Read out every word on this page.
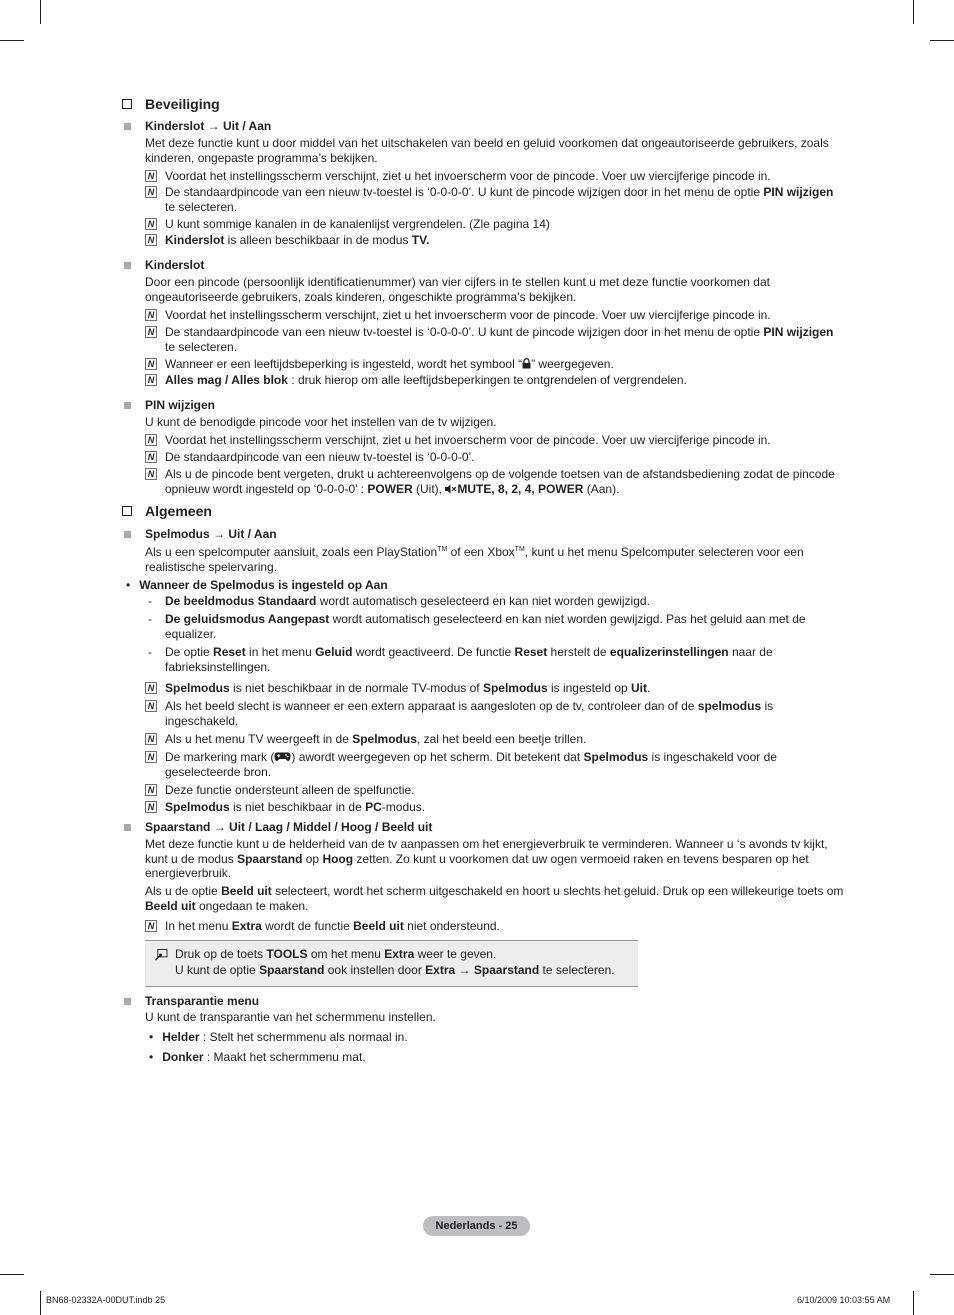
Beveiliging
Kinderslot → Uit / Aan
Met deze functie kunt u door middel van het uitschakelen van beeld en geluid voorkomen dat ongeautoriseerde gebruikers, zoals
kinderen, ongepaste programma’s bekijken.
N Voordat het instellingsscherm verschijnt, ziet u het invoerscherm voor de pincode. Voer uw viercijferige pincode in.
N De standaardpincode van een nieuw tv-toestel is ‘0-0-0-0’. U kunt de pincode wijzigen door in het menu de optie PIN wijzigen
te selecteren.
N U kunt sommige kanalen in de kanalenlijst vergrendelen. (Zle pagina 14)
N Kinderslot is alleen beschikbaar in de modus TV.
Kinderslot
Door een pincode (persoonlijk identificatienummer) van vier cijfers in te stellen kunt u met deze functie voorkomen dat
ongeautoriseerde gebruikers, zoals kinderen, ongeschikte programma’s bekijken.
N Voordat het instellingsscherm verschijnt, ziet u het invoerscherm voor de pincode. Voer uw viercijferige pincode in.
N De standaardpincode van een nieuw tv-toestel is ‘0-0-0-0’. U kunt de pincode wijzigen door in het menu de optie PIN wijzigen
te selecteren.
N Wanneer er een leeftijdsbeperking is ingesteld, wordt het symbool “ ” weergegeven.
N Alles mag / Alles blok : druk hierop om alle leeftijdsbeperkingen te ontgrendelen of vergrendelen.
PIN wijzigen
U kunt de benodigde pincode voor het instellen van de tv wijzigen.
N Voordat het instellingsscherm verschijnt, ziet u het invoerscherm voor de pincode. Voer uw viercijferige pincode in.
N De standaardpincode van een nieuw tv-toestel is ‘0-0-0-0’.
N Als u de pincode bent vergeten, drukt u achtereenvolgens op de volgende toetsen van de afstandsbediening zodat de pincode
opnieuw wordt ingesteld op ‘0-0-0-0’ : POWER (Uit), MUTE, 8, 2, 4, POWER (Aan).
Algemeen
Spelmodus → Uit / Aan
Als u een spelcomputer aansluit, zoals een PlayStation™ of een Xbox™, kunt u het menu Spelcomputer selecteren voor een
realistische spelervaring.
• Wanneer de Spelmodus is ingesteld op Aan
- De beeldmodus Standaard wordt automatisch geselecteerd en kan niet worden gewijzigd.
- De geluidsmodus Aangepast wordt automatisch geselecteerd en kan niet worden gewijzigd. Pas het geluid aan met de
equalizer.
- De optie Reset in het menu Geluid wordt geactiveerd. De functie Reset herstelt de equalizerinstellingen naar de
fabrieksinstellingen.
N Spelmodus is niet beschikbaar in de normale TV-modus of Spelmodus is ingesteld op Uit.
N Als het beeld slecht is wanneer er een extern apparaat is aangesloten op de tv, controleer dan of de spelmodus is
ingeschakeld.
N Als u het menu TV weergeeft in de Spelmodus, zal het beeld een beetje trillen.
N De markering mark ( ) awordt weergegeven op het scherm. Dit betekent dat Spelmodus is ingeschakeld voor de
geselecteerde bron.
N Deze functie ondersteunt alleen de spelfunctie.
N Spelmodus is niet beschikbaar in de PC-modus.
Spaarstand → Uit / Laag / Middel / Hoog / Beeld uit
Met deze functie kunt u de helderheid van de tv aanpassen om het energieverbruik te verminderen. Wanneer u ‘s avonds tv kijkt,
kunt u de modus Spaarstand op Hoog zetten. Zo kunt u voorkomen dat uw ogen vermoeid raken en tevens besparen op het
energieverbruik.
Als u de optie Beeld uit selecteert, wordt het scherm uitgeschakeld en hoort u slechts het geluid. Druk op een willekeurige toets om
Beeld uit ongedaan te maken.
N In het menu Extra wordt de functie Beeld uit niet ondersteund.
Druk op de toets TOOLS om het menu Extra weer te geven.
U kunt de optie Spaarstand ook instellen door Extra → Spaarstand te selecteren.
Transparantie menu
U kunt de transparantie van het schermmenu instellen.
• Helder : Stelt het schermmenu als normaal in.
• Donker : Maakt het schermmenu mat.
Nederlands - 25
BN68-02332A-00DUT.indb 25	6/10/2009 10:03:55 AM
